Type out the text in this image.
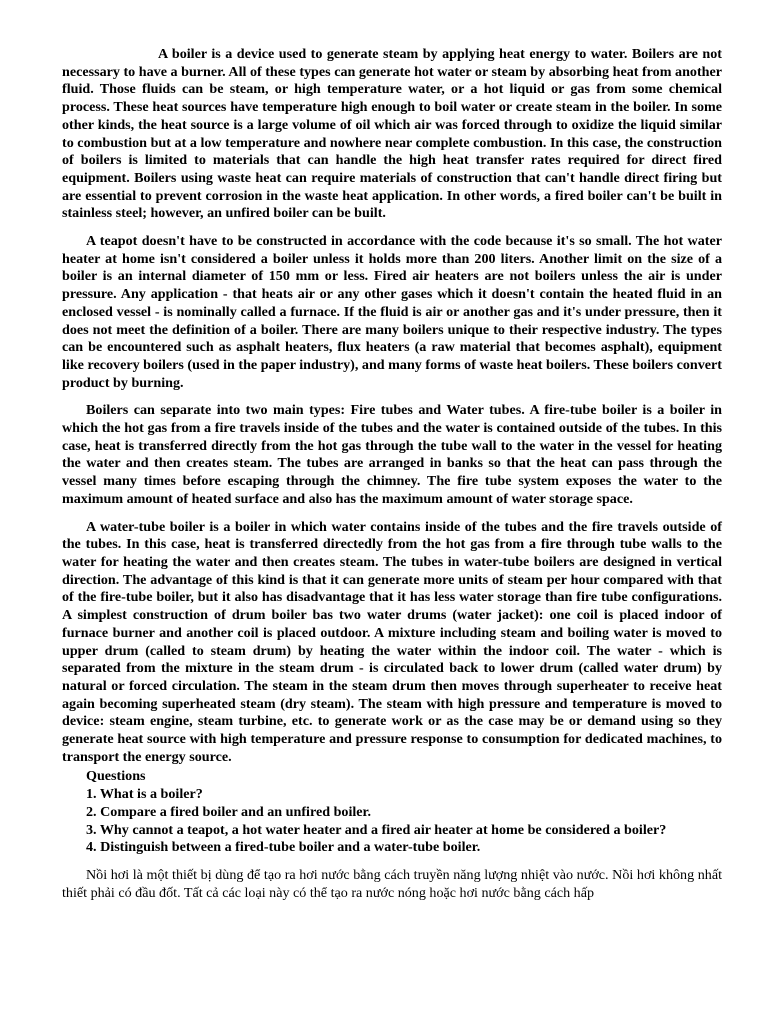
A boiler is a device used to generate steam by applying heat energy to water. Boilers are not necessary to have a burner. All of these types can generate hot water or steam by absorbing heat from another fluid. Those fluids can be steam, or high temperature water, or a hot liquid or gas from some chemical process. These heat sources have temperature high enough to boil water or create steam in the boiler. In some other kinds, the heat source is a large volume of oil which air was forced through to oxidize the liquid similar to combustion but at a low temperature and nowhere near complete combustion. In this case, the construction of boilers is limited to materials that can handle the high heat transfer rates required for direct fired equipment. Boilers using waste heat can require materials of construction that can't handle direct firing but are essential to prevent corrosion in the waste heat application. In other words, a fired boiler can't be built in stainless steel; however, an unfired boiler can be built.

A teapot doesn't have to be constructed in accordance with the code because it's so small. The hot water heater at home isn't considered a boiler unless it holds more than 200 liters. Another limit on the size of a boiler is an internal diameter of 150 mm or less. Fired air heaters are not boilers unless the air is under pressure. Any application - that heats air or any other gases which it doesn't contain the heated fluid in an enclosed vessel - is nominally called a furnace. If the fluid is air or another gas and it's under pressure, then it does not meet the definition of a boiler. There are many boilers unique to their respective industry. The types can be encountered such as asphalt heaters, flux heaters (a raw material that becomes asphalt), equipment like recovery boilers (used in the paper industry), and many forms of waste heat boilers. These boilers convert product by burning.

Boilers can separate into two main types: Fire tubes and Water tubes. A fire-tube boiler is a boiler in which the hot gas from a fire travels inside of the tubes and the water is contained outside of the tubes. In this case, heat is transferred directly from the hot gas through the tube wall to the water in the vessel for heating the water and then creates steam. The tubes are arranged in banks so that the heat can pass through the vessel many times before escaping through the chimney. The fire tube system exposes the water to the maximum amount of heated surface and also has the maximum amount of water storage space.

A water-tube boiler is a boiler in which water contains inside of the tubes and the fire travels outside of the tubes. In this case, heat is transferred directedly from the hot gas from a fire through tube walls to the water for heating the water and then creates steam. The tubes in water-tube boilers are designed in vertical direction. The advantage of this kind is that it can generate more units of steam per hour compared with that of the fire-tube boiler, but it also has disadvantage that it has less water storage than fire tube configurations. A simplest construction of drum boiler bas two water drums (water jacket): one coil is placed indoor of furnace burner and another coil is placed outdoor. A mixture including steam and boiling water is moved to upper drum (called to steam drum) by heating the water within the indoor coil. The water - which is separated from the mixture in the steam drum - is circulated back to lower drum (called water drum) by natural or forced circulation. The steam in the steam drum then moves through superheater to receive heat again becoming superheated steam (dry steam). The steam with high pressure and temperature is moved to device: steam engine, steam turbine, etc. to generate work or as the case may be or demand using so they generate heat source with high temperature and pressure response to consumption for dedicated machines, to transport the energy source.

Questions
1. What is a boiler?
2. Compare a fired boiler and an unfired boiler.
3. Why cannot a teapot, a hot water heater and a fired air heater at home be considered a boiler?
4. Distinguish between a fired-tube boiler and a water-tube boiler.

Nồi hơi là một thiết bị dùng để tạo ra hơi nước bằng cách truyền năng lượng nhiệt vào nước. Nồi hơi không nhất thiết phải có đầu đốt. Tất cả các loại này có thể tạo ra nước nóng hoặc hơi nước bằng cách hấp
